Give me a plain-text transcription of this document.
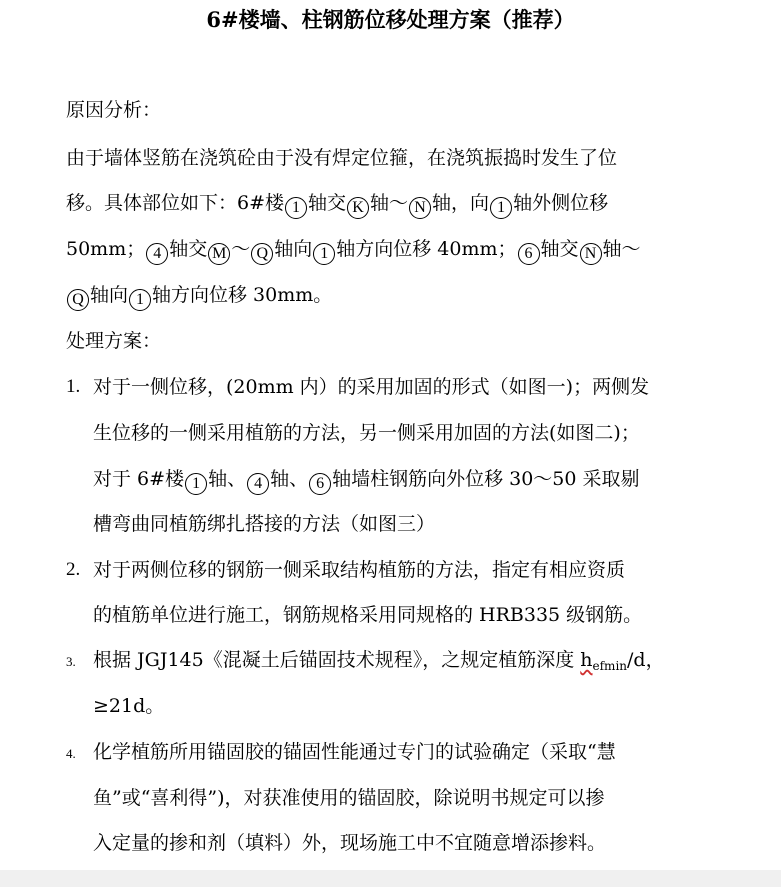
6#楼墙、柱钢筋位移处理方案（推荐）
原因分析：
由于墙体竖筋在浇筑砼由于没有焊定位箍，在浇筑振捣时发生了位
移。具体部位如下：6#楼 1 轴交 K 轴～ N 轴，向 1 轴外侧位移
50mm； 4 轴交 M ～ Q 轴向 1 轴方向位移 40mm； 6 轴交 N 轴～
Q 轴向 1 轴方向位移 30mm。
处理方案：
1. 对于一侧位移，(20mm 内）的采用加固的形式（如图一)；两侧发
生位移的一侧采用植筋的方法，另一侧采用加固的方法(如图二)；
对于 6#楼 1 轴、 4 轴、 6 轴墙柱钢筋向外位移 30～50 采取剔
槽弯曲同植筋绑扎搭接的方法（如图三）
2. 对于两侧位移的钢筋一侧采取结构植筋的方法，指定有相应资质
的植筋单位进行施工，钢筋规格采用同规格的 HRB335 级钢筋。
3. 根据 JGJ145《混凝土后锚固技术规程》，之规定植筋深度 $h_{efmin}/d$，
≥21d。
4. 化学植筋所用锚固胶的锚固性能通过专门的试验确定（采取“慧
鱼”或“喜利得”)，对获准使用的锚固胶，除说明书规定可以掺
入定量的掺和剂（填料）外，现场施工中不宜随意增添掺料。
